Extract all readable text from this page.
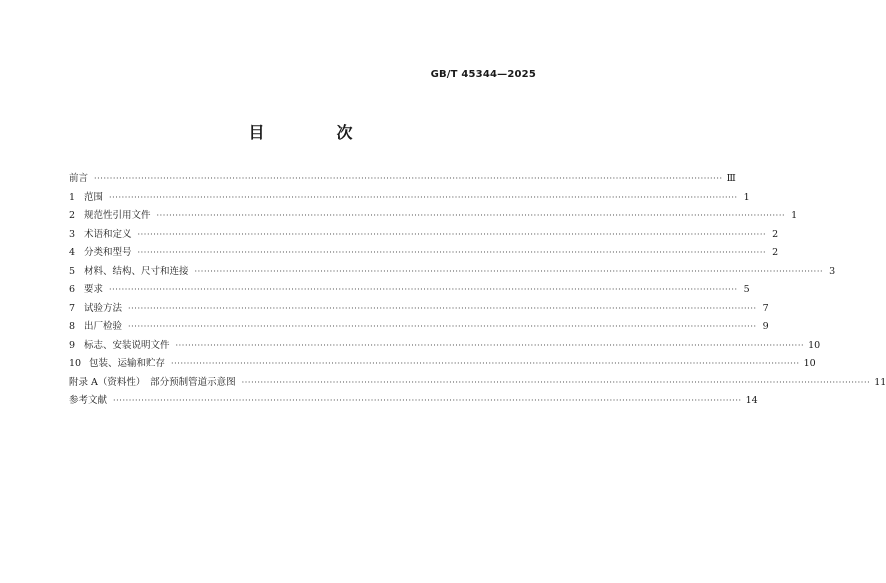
GB/T 45344—2025
目　次
前言 ········································································································································································································ Ⅲ
1 范围 ········································································································································································································ 1
2 规范性引用文件 ········································································································································································································ 1
3 术语和定义 ········································································································································································································ 2
4 分类和型号 ········································································································································································································ 2
5 材料、结构、尺寸和连接 ········································································································································································································ 3
6 要求 ········································································································································································································ 5
7 试验方法 ········································································································································································································ 7
8 出厂检验 ········································································································································································································ 9
9 标志、安装说明文件 ········································································································································································································ 10
10 包装、运输和贮存 ········································································································································································································ 10
附录 A（资料性）　部分预制管道示意图 ········································································································································································································ 11
参考文献 ········································································································································································································ 14
